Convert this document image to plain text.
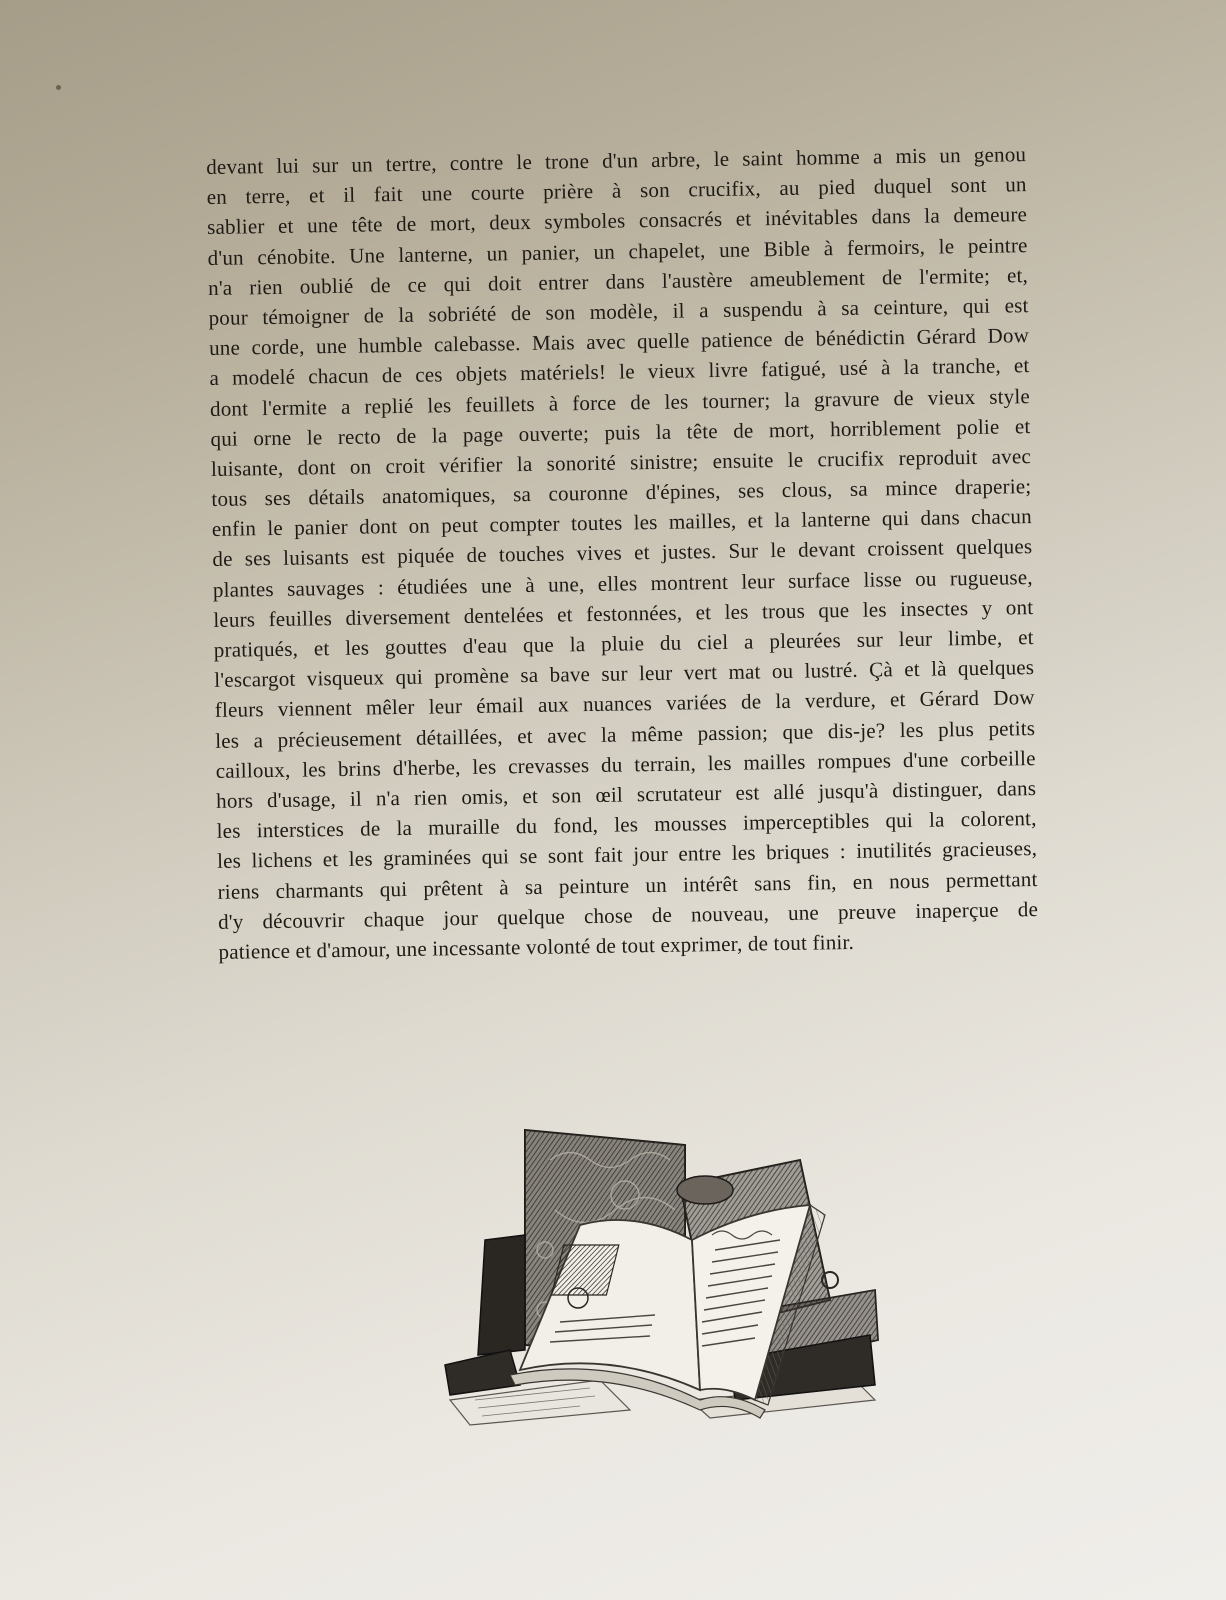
devant lui sur un tertre, contre le trone d'un arbre, le saint homme a mis un genou
en terre, et il fait une courte prière à son crucifix, au pied duquel sont un
sablier et une tête de mort, deux symboles consacrés et inévitables dans la demeure
d'un cénobite. Une lanterne, un panier, un chapelet, une Bible à fermoirs, le peintre
n'a rien oublié de ce qui doit entrer dans l'austère ameublement de l'ermite; et,
pour témoigner de la sobriété de son modèle, il a suspendu à sa ceinture, qui est
une corde, une humble calebasse. Mais avec quelle patience de bénédictin Gérard Dow
a modelé chacun de ces objets matériels! le vieux livre fatigué, usé à la tranche, et
dont l'ermite a replié les feuillets à force de les tourner; la gravure de vieux style
qui orne le recto de la page ouverte; puis la tête de mort, horriblement polie et
luisante, dont on croit vérifier la sonorité sinistre; ensuite le crucifix reproduit avec
tous ses détails anatomiques, sa couronne d'épines, ses clous, sa mince draperie;
enfin le panier dont on peut compter toutes les mailles, et la lanterne qui dans chacun
de ses luisants est piquée de touches vives et justes. Sur le devant croissent quelques
plantes sauvages : étudiées une à une, elles montrent leur surface lisse ou rugueuse,
leurs feuilles diversement dentelées et festonnées, et les trous que les insectes y ont
pratiqués, et les gouttes d'eau que la pluie du ciel a pleurées sur leur limbe, et
l'escargot visqueux qui promène sa bave sur leur vert mat ou lustré. Çà et là quelques
fleurs viennent mêler leur émail aux nuances variées de la verdure, et Gérard Dow
les a précieusement détaillées, et avec la même passion; que dis-je? les plus petits
cailloux, les brins d'herbe, les crevasses du terrain, les mailles rompues d'une corbeille
hors d'usage, il n'a rien omis, et son œil scrutateur est allé jusqu'à distinguer, dans
les interstices de la muraille du fond, les mousses imperceptibles qui la colorent,
les lichens et les graminées qui se sont fait jour entre les briques : inutilités gracieuses,
riens charmants qui prêtent à sa peinture un intérêt sans fin, en nous permettant
d'y découvrir chaque jour quelque chose de nouveau, une preuve inaperçue de
patience et d'amour, une incessante volonté de tout exprimer, de tout finir.
